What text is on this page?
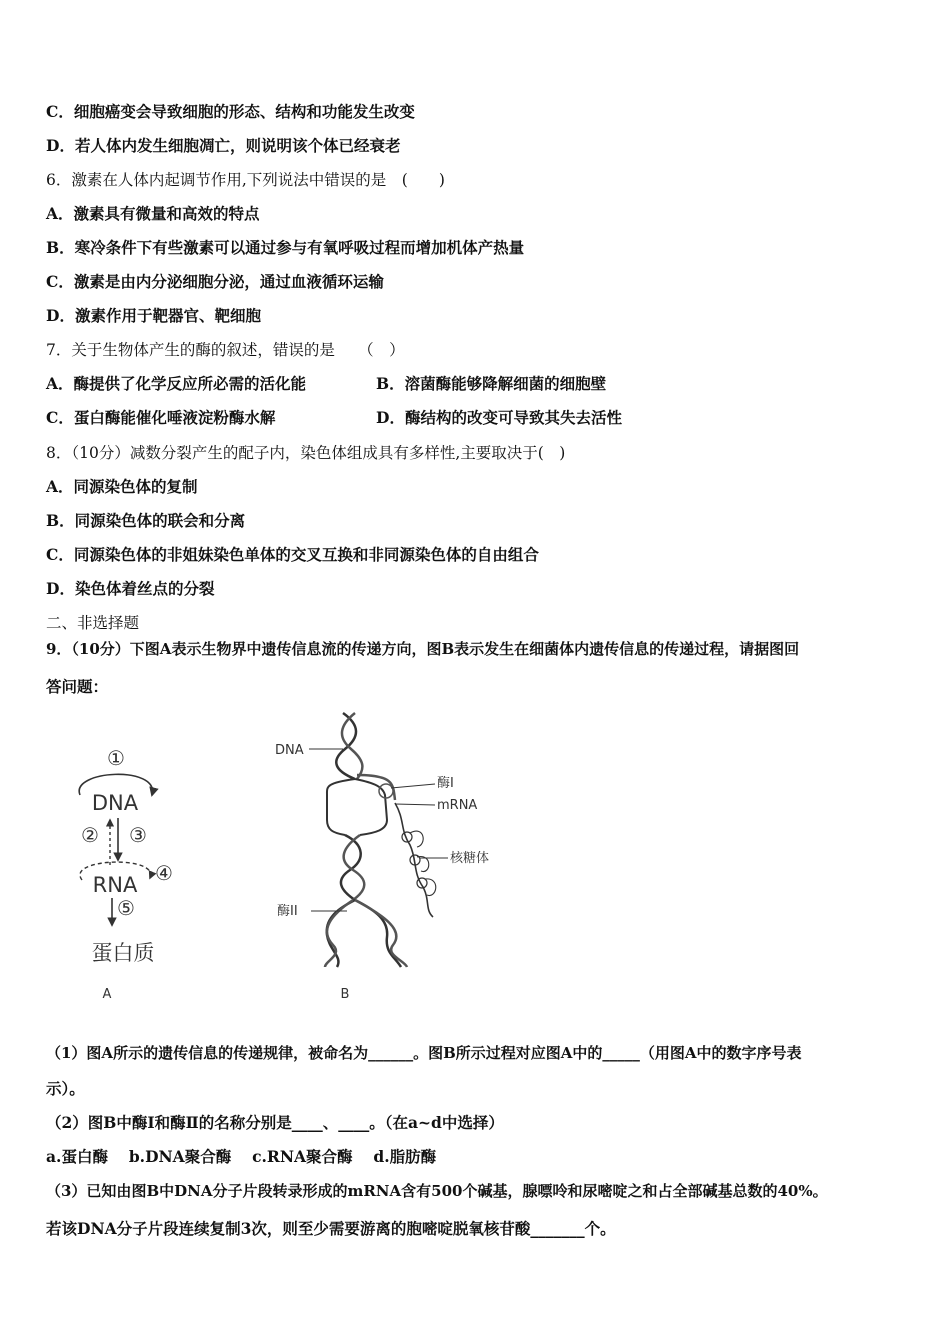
C．细胞癌变会导致细胞的形态、结构和功能发生改变
D．若人体内发生细胞凋亡，则说明该个体已经衰老
6．激素在人体内起调节作用,下列说法中错误的是　(　　)
A．激素具有微量和高效的特点
B．寒冷条件下有些激素可以通过参与有氧呼吸过程而增加机体产热量
C．激素是由内分泌细胞分泌，通过血液循环运输
D．激素作用于靶器官、靶细胞
7．关于生物体产生的酶的叙述，错误的是　　（　）
A．酶提供了化学反应所必需的活化能	B．溶菌酶能够降解细菌的细胞壁
C．蛋白酶能催化唾液淀粉酶水解	D．酶结构的改变可导致其失去活性
8．（10分）减数分裂产生的配子内，染色体组成具有多样性,主要取决于(　)
A．同源染色体的复制
B．同源染色体的联会和分离
C．同源染色体的非姐妹染色单体的交叉互换和非同源染色体的自由组合
D．染色体着丝点的分裂
二、非选择题
9．（10分）下图A表示生物界中遗传信息流的传递方向，图B表示发生在细菌体内遗传信息的传递过程，请据图回
答问题：
①
DNA
② ③
④
RNA
⑤
蛋白质
A
DNA
酶I
mRNA
酶II
核糖体
B
（1）图A所示的遗传信息的传递规律，被命名为______。图B所示过程对应图A中的_____（用图A中的数字序号表
示）。
（2）图B中酶Ⅰ和酶Ⅱ的名称分别是____、____。（在a~d中选择）
a.蛋白酶　 b.DNA聚合酶　 c.RNA聚合酶　 d.脂肪酶
（3）已知由图B中DNA分子片段转录形成的mRNA含有500个碱基，腺嘌呤和尿嘧啶之和占全部碱基总数的40%。
若该DNA分子片段连续复制3次，则至少需要游离的胞嘧啶脱氧核苷酸_______个。
